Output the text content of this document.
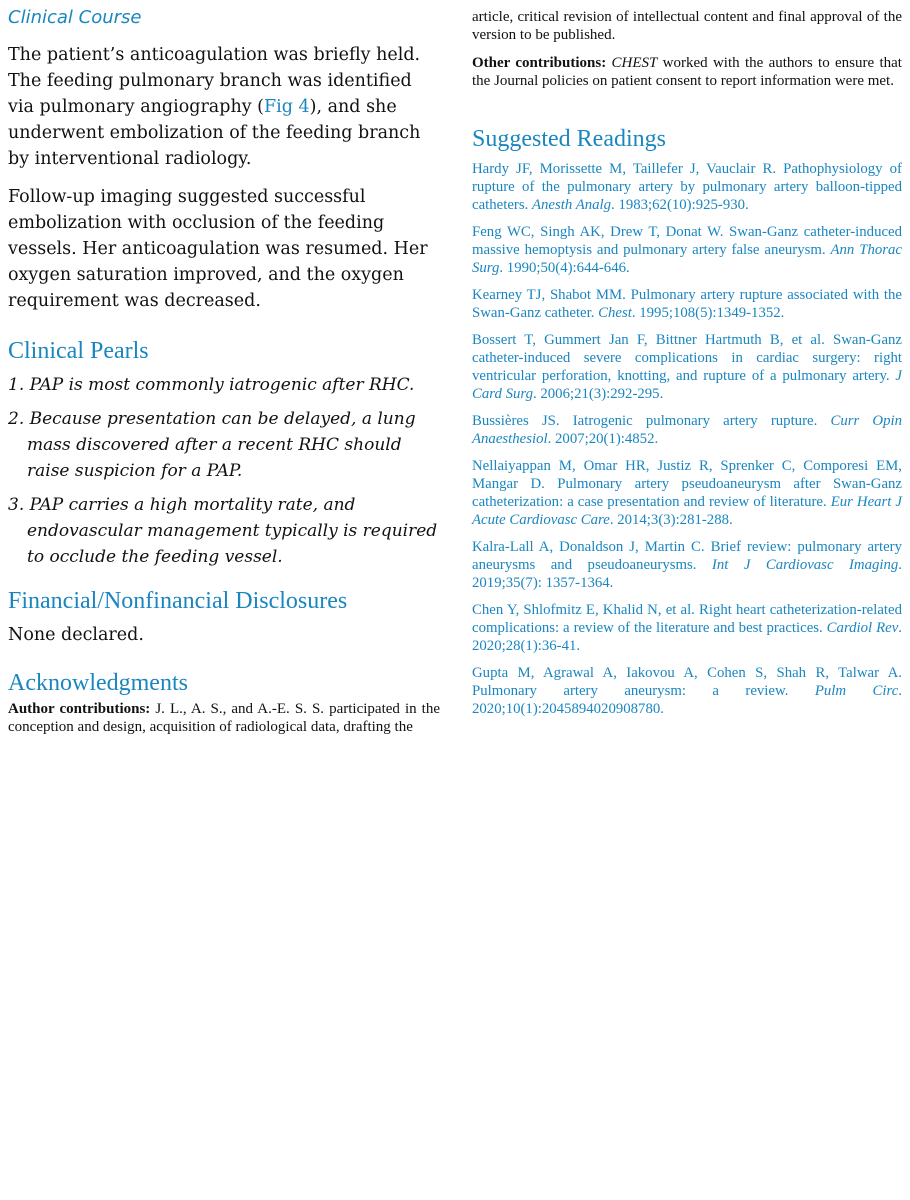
Clinical Course

The patient’s anticoagulation was briefly held. The feeding pulmonary branch was identified via pulmonary angiography (Fig 4), and she underwent embolization of the feeding branch by interventional radiology.

Follow-up imaging suggested successful embolization with occlusion of the feeding vessels. Her anticoagulation was resumed. Her oxygen saturation improved, and the oxygen requirement was decreased.

Clinical Pearls
1. PAP is most commonly iatrogenic after RHC.
2. Because presentation can be delayed, a lung mass discovered after a recent RHC should raise suspicion for a PAP.
3. PAP carries a high mortality rate, and endovascular management typically is required to occlude the feeding vessel.
Financial/Nonfinancial Disclosures

None declared.

Acknowledgments

Author contributions: J. L., A. S., and A.-E. S. S. participated in the conception and design, acquisition of radiological data, drafting the

article, critical revision of intellectual content and final approval of the version to be published.

Other contributions: CHEST worked with the authors to ensure that the Journal policies on patient consent to report information were met.

Suggested Readings

Hardy JF, Morissette M, Taillefer J, Vauclair R. Pathophysiology of rupture of the pulmonary artery by pulmonary artery balloon-tipped catheters. Anesth Analg. 1983;62(10):925-930.

Feng WC, Singh AK, Drew T, Donat W. Swan-Ganz catheter-induced massive hemoptysis and pulmonary artery false aneurysm. Ann Thorac Surg. 1990;50(4):644-646.

Kearney TJ, Shabot MM. Pulmonary artery rupture associated with the Swan-Ganz catheter. Chest. 1995;108(5):1349-1352.

Bossert T, Gummert Jan F, Bittner Hartmuth B, et al. Swan-Ganz catheter-induced severe complications in cardiac surgery: right ventricular perforation, knotting, and rupture of a pulmonary artery. J Card Surg. 2006;21(3):292-295.

Bussières JS. Iatrogenic pulmonary artery rupture. Curr Opin Anaesthesiol. 2007;20(1):4852.

Nellaiyappan M, Omar HR, Justiz R, Sprenker C, Comporesi EM, Mangar D. Pulmonary artery pseudoaneurysm after Swan-Ganz catheterization: a case presentation and review of literature. Eur Heart J Acute Cardiovasc Care. 2014;3(3):281-288.

Kalra-Lall A, Donaldson J, Martin C. Brief review: pulmonary artery aneurysms and pseudoaneurysms. Int J Cardiovasc Imaging. 2019;35(7): 1357-1364.

Chen Y, Shlofmitz E, Khalid N, et al. Right heart catheterization-related complications: a review of the literature and best practices. Cardiol Rev. 2020;28(1):36-41.

Gupta M, Agrawal A, Iakovou A, Cohen S, Shah R, Talwar A. Pulmonary artery aneurysm: a review. Pulm Circ. 2020;10(1):2045894020908780.
